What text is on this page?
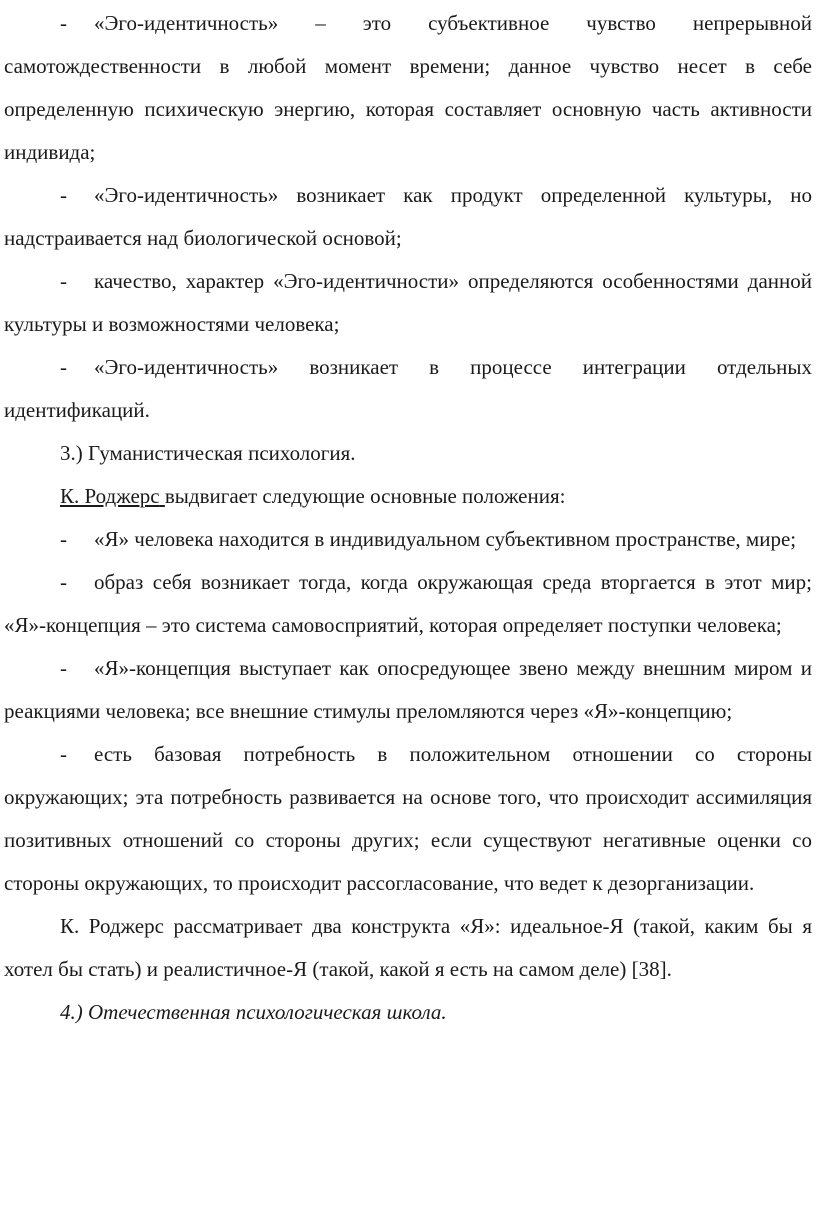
- «Эго-идентичность» – это субъективное чувство непрерывной самотождественности в любой момент времени; данное чувство несет в себе определенную психическую энергию, которая составляет основную часть активности индивида;

- «Эго-идентичность» возникает как продукт определенной культуры, но надстраивается над биологической основой;

- качество, характер «Эго-идентичности» определяются особенностями данной культуры и возможностями человека;

- «Эго-идентичность» возникает в процессе интеграции отдельных идентификаций.

3.) Гуманистическая психология.

К. Роджерс выдвигает следующие основные положения:

- «Я» человека находится в индивидуальном субъективном пространстве, мире;

- образ себя возникает тогда, когда окружающая среда вторгается в этот мир; «Я»-концепция – это система самовосприятий, которая определяет поступки человека;

- «Я»-концепция выступает как опосредующее звено между внешним миром и реакциями человека; все внешние стимулы преломляются через «Я»-концепцию;

- есть базовая потребность в положительном отношении со стороны окружающих; эта потребность развивается на основе того, что происходит ассимиляция позитивных отношений со стороны других; если существуют негативные оценки со стороны окружающих, то происходит рассогласование, что ведет к дезорганизации.

К. Роджерс рассматривает два конструкта «Я»: идеальное-Я (такой, каким бы я хотел бы стать) и реалистичное-Я (такой, какой я есть на самом деле) [38].

4.) Отечественная психологическая школа.
